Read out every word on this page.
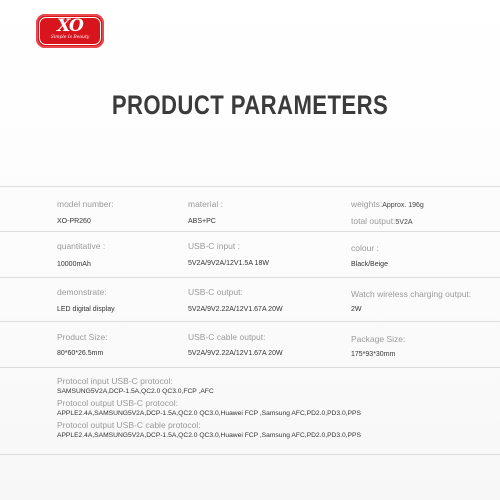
XO
Simple Is Beauty
PRODUCT PARAMETERS
model number:
XO-PR260
material :
ABS+PC
weights:Approx. 196g
total output:5V2A
quantitative :
10000mAh
USB-C input :
5V2A/9V2A/12V1.5A 18W
colour :
Black/Beige
demonstrate:
LED digital display
USB-C output:
5V2A/9V2.22A/12V1.67A 20W
Watch wireless charging output:
2W
Product Size:
80*60*26.5mm
USB-C cable output:
5V2A/9V2.22A/12V1.67A 20W
Package Size:
175*93*30mm
Protocol input USB-C protocol:
SAMSUNG5V2A,DCP-1.5A,QC2.0 QC3.0,FCP ,AFC
Protocol output USB-C protocol:
APPLE2.4A,SAMSUNG5V2A,DCP-1.5A,QC2.0 QC3.0,Huawei FCP ,Samsung AFC,PD2.0,PD3.0,PPS
Protocol output USB-C cable protocol:
APPLE2.4A,SAMSUNG5V2A,DCP-1.5A,QC2.0 QC3.0,Huawei FCP ,Samsung AFC,PD2.0,PD3.0,PPS
